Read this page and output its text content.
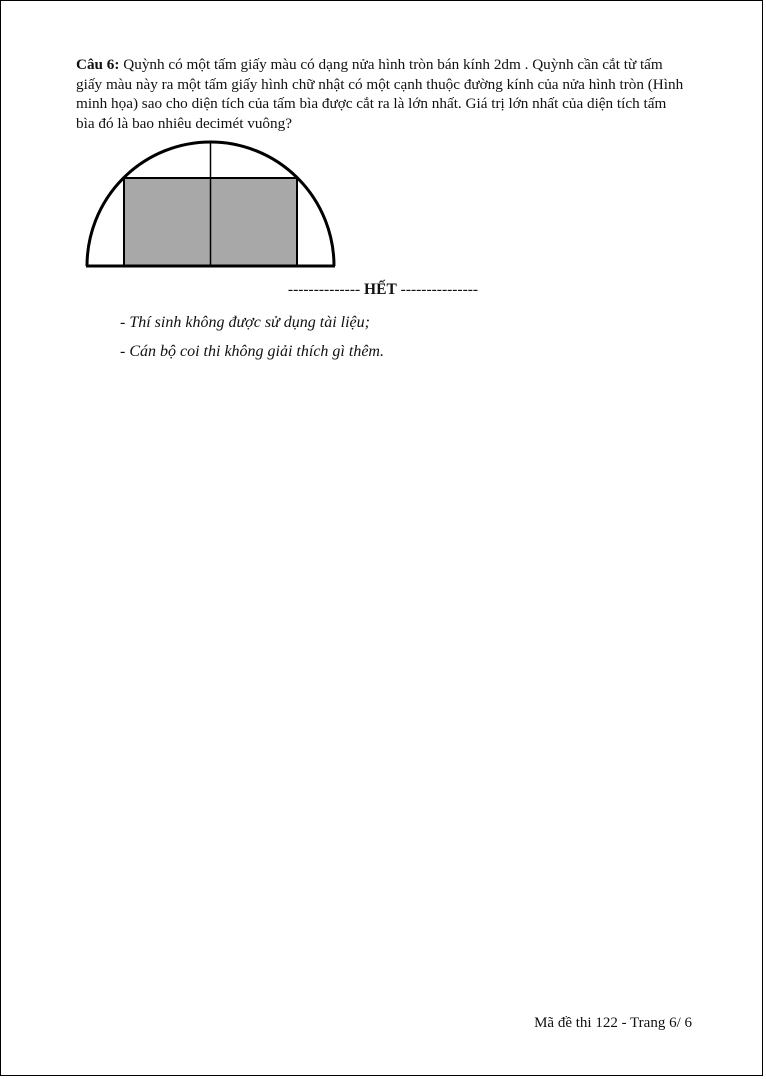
Câu 6: Quỳnh có một tấm giấy màu có dạng nửa hình tròn bán kính 2dm . Quỳnh cần cắt từ tấm giấy màu này ra một tấm giấy hình chữ nhật có một cạnh thuộc đường kính của nửa hình tròn (Hình minh họa) sao cho diện tích của tấm bìa được cắt ra là lớn nhất. Giá trị lớn nhất của diện tích tấm bìa đó là bao nhiêu decimét vuông?
-------------- HẾT ---------------
- Thí sinh không được sử dụng tài liệu;
- Cán bộ coi thi không giải thích gì thêm.
Mã đề thi 122 - Trang 6/ 6
